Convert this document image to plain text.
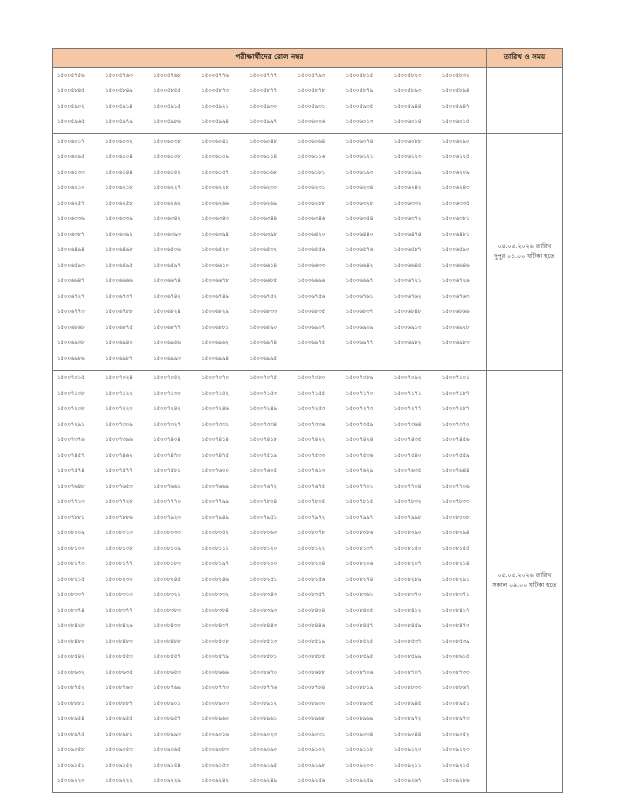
পরীক্ষার্থীদের রোল নম্বর	তারিখ ও সময়

১৫০০৫৭৫৬	১৫০০৫৭৬৩	১৫০০৫৭৬৮	১৫০০৫৭৭৬	১৫০০৫৭৭৭	১৫০০৫৭৯৩	১৫০০৫৮১৫	১৫০০৫৮২৩	১৫০০৫৮৩২
১৫০০৫৮৪৫	১৫০০৫৮৪৯	১৫০০৫৮৫৫	১৫০০৫৮৭৩	১৫০০৫৮৭৭	১৫০০৫৮৭৮	১৫০০৫৮৭৯	১৫০০৫৮৯৩	১৫০০৫৮৯৪
১৫০০৫৯০২	১৫০০৫৯১৪	১৫০০৫৯১৫	১৫০০৫৯২১	১৫০০৫৯৩০	১৫০০৫৯৩১	১৫০০৫৯৩৫	১৫০০৫৯৪৪	১৫০০৫৯৪৭
১৫০০৫৯৬৫	১৫০০৫৯৭৯	১৫০০৫৯৮৬	১৫০০৫৯৯৪	১৫০০৫৯৯৭	১৫০০৬০০৬	১৫০০৬০১৩	১৫০০৬০১৪	১৫০০৬০১৫

১৫০০৬০১৭	১৫০০৬০৩২	১৫০০৬০৩৮	১৫০০৬০৪১	১৫০০৬০৪৮	১৫০০৬০৬৪	১৫০০৬০৭৪	১৫০০৬০৮৮	১৫০০৬০৯০
১৫০০৬০৯৫	১৫০০৬১০৪	১৫০০৬১০৮	১৫০০৬১০৯	১৫০০৬১১৪	১৫০০৬১১৬	১৫০০৬১২১	১৫০০৬১২৩	১৫০০৬১২৫
১৫০০৬১৩৩	১৫০০৬১৪৪	১৫০০৬১৫২	১৫০০৬১৫৭	১৫০০৬১৬৮	১৫০০৬১৮১	১৫০০৬১৯৩	১৫০০৬১৯৯	১৫০০৬২০৯
১৫০০৬২১০	১৫০০৬২১৮	১৫০০৬২২৭	১৫০০৬২২৮	১৫০০৬২৩০	১৫০০৬২৩১	১৫০০৬২৩৪	১৫০০৬২৪২	১৫০০৬২৪৩
১৫০০৬২৫৭	১৫০০৬২৫৮	১৫০০৬২৬২	১৫০০৬২৬৬	১৫০০৬২৬৯	১৫০০৬২৮৮	১৫০০৬৩২৮	১৫০০৬৩৩২	১৫০০৬৩৩৫
১৫০০৬৩৩৬	১৫০০৬৩৩৯	১৫০০৬৩৪২	১৫০০৬৩৪৩	১৫০০৬৩৪৪	১৫০০৬৩৪৬	১৫০০৬৩৫৪	১৫০০৬৩৭২	১৫০০৬৩৮১
১৫০০৬৩৮৭	১৫০০৬৩৯২	১৫০০৬৩৯৩	১৫০০৬৩৯৪	১৫০০৬৩৯৮	১৫০০৬৪২০	১৫০০৬৪৪০	১৫০০৬৪৭৪	১৫০০৬৪৮১
১৫০০৬৪৯৪	১৫০০৬৪৯৮	১৫০০৬৫০৬	১৫০০৬৫২০	১৫০০৬৫৩২	১৫০০৬৫৫৬	১৫০০৬৫৭৬	১৫০০৬৫৮৭	১৫০০৬৫৯০
১৫০০৬৫৯৩	১৫০০৬৫৯৫	১৫০০৬৫৯৭	১৫০০৬৬১০	১৫০০৬৬১৪	১৫০০৬৬৩৩	১৫০০৬৬৪২	১৫০০৬৬৪৫	১৫০০৬৬৪৬
১৫০০৬৬৪৭	১৫০০৬৬৬৬	১৫০০৬৬৭৪	১৫০০৬৬৭৮	১৫০০৬৬৮৫	১৫০০৬৬৯৬	১৫০০৬৬৯৭	১৫০০৬৭২১	১৫০০৬৭২৬
১৫০০৬৭২৭	১৫০০৬৭৩৭	১৫০০৬৭৪২	১৫০০৬৭৪৯	১৫০০৬৭৫২	১৫০০৬৭৫৬	১৫০০৬৭৬১	১৫০০৬৭৬২	১৫০০৬৭৬৩
১৫০০৬৭৭৩	১৫০০৬৭৮৮	১৫০০৬৮২৪	১৫০০৬৮২৯	১৫০০৬৮৩৩	১৫০০৬৮৩৫	১৫০০৬৮৩৭	১৫০০৬৮৪৮	১৫০০৬৮৬৬
১৫০০৬৮৬৮	১৫০০৬৮৭৫	১৫০০৬৮৭৭	১৫০০৬৮৮১	১৫০০৬৮৯০	১৫০০৬৯০৭	১৫০০৬৯০৯	১৫০০৬৯১৩	১৫০০৬৯২৮
১৫০০৬৯৩৮	১৫০০৬৯৪০	১৫০০৬৯৫৬	১৫০০৬৯৬২	১৫০০৬৯৭৪	১৫০০৬৯৭৫	১৫০০৬৯৭৭	১৫০০৬৯৮২	১৫০০৬৯৮৩
১৫০০৬৯৮৬	১৫০০৬৯৮৭	১৫০০৬৯৯৩	১৫০০৬৯৯৪	১৫০০৬৯৯৫				

০৪.০৫.২০২৬ তারিখ
দুপুর ০১.০০ ঘটিকা হতে

১৫০০৭০১৫	১৫০০৭০২৪	১৫০০৭০৫২	১৫০০৭০৭০	১৫০০৭০৭৫	১৫০০৭০৮০	১৫০০৭০৮৯	১৫০০৭০৯২	১৫০০৭১০১
১৫০০৭১০৮	১৫০০৭১২২	১৫০০৭১৩০	১৫০০৭১৫২	১৫০০৭১৫৩	১৫০০৭১৫৫	১৫০০৭১৭০	১৫০০৭১৭১	১৫০০৭১৮৭
১৫০০৭২০৮	১৫০০৭২২০	১৫০০৭২৪২	১৫০০৭২৪৬	১৫০০৭২৪৯	১৫০০৭২৫৩	১৫০০৭২৭৩	১৫০০৭২৭৭	১৫০০৭২৮৭
১৫০০৭২৯১	১৫০০৭৩০৯	১৫০০৭৩২৭	১৫০০৭৩৩১	১৫০০৭৩৩৪	১৫০০৭৩৩৬	১৫০০৭৩৫৯	১৫০০৭৩৬৪	১৫০০৭৩৭০
১৫০০৭৩৭৬	১৫০০৭৩৯৬	১৫০০৭৪০৪	১৫০০৭৪১৪	১৫০০৭৪১৮	১৫০০৭৪২২	১৫০০৭৪২৪	১৫০০৭৪৩৫	১৫০০৭৪৫৬
১৫০০৭৪৫৭	১৫০০৭৪৬২	১৫০০৭৪৭৩	১৫০০৭৪৭৫	১৫০০৭৫১৯	১৫০০৭৫৩৩	১৫০০৭৫৩৬	১৫০০৭৫৪০	১৫০০৭৫৫৯
১৫০০৭৫৭৪	১৫০০৭৫৭৭	১৫০০৭৫৮১	১৫০০৭৬০০	১৫০০৭৬০৫	১৫০০৭৬১৩	১৫০০৭৬২৯	১৫০০৭৬৩৫	১৫০০৭৬৪৪
১৫০০৭৬৪৮	১৫০০৭৬৫৩	১৫০০৭৬৬১	১৫০০৭৬৬৯	১৫০০৭৬৭২	১৫০০৭৬৭৫	১৫০০৭৭০১	১৫০০৭৭০৪	১৫০০৭৭০৬
১৫০০৭৭১৩	১৫০০৭৭২৮	১৫০০৭৭৭০	১৫০০৭৭৯৯	১৫০০৭৮০৪	১৫০০৭৮০৫	১৫০০৭৮১৫	১৫০০৭৮৩২	১৫০০৭৮৩৩
১৫০০৭৮৮১	১৫০০৭৮৮৬	১৫০০৭৯২৩	১৫০০৭৯৪৯	১৫০০৭৯৫১	১৫০০৭৯৭২	১৫০০৭৯৯৭	১৫০০৭৯৯৮	১৫০০৮০০৮
১৫০০৮০০৯	১৫০০৮০১৩	১৫০০৮০৩৩	১৫০০৮০৫২	১৫০০৮০৬৩	১৫০০৮০৭৮	১৫০০৮০৮৬	১৫০০৮০৯০	১৫০০৮০৯৪
১৫০০৮১০০	১৫০০৮১০৮	১৫০০৮১০৯	১৫০০৮১১১	১৫০০৮১২০	১৫০০৮১২২	১৫০০৮১৩৭	১৫০০৮১৫০	১৫০০৮১৫৫
১৫০০৮১৭৩	১৫০০৮১৭৭	১৫০০৮১৮৩	১৫০০৮১৯৭	১৫০০৮২০০	১৫০০৮২০৪	১৫০০৮২০৬	১৫০০৮২০৭	১৫০০৮২১৪
১৫০০৮২১৫	১৫০০৮২৩০	১৫০০৮২৪৫	১৫০০৮২৪৬	১৫০০৮২৫১	১৫০০৮২৫৬	১৫০০৮২৭৪	১৫০০৮২৮৯	১৫০০৮২৯১
১৫০০৮৩০৭	১৫০০৮৩১৩	১৫০০৮৩২১	১৫০০৮৩৩২	১৫০০৮৩৪৩	১৫০০৮৩৫৭	১৫০০৮৩৬১	১৫০০৮৩৭০	১৫০০৮৩৭১
১৫০০৮৩৭৪	১৫০০৮৩৭৭	১৫০০৮৩৮৩	১৫০০৮৩৮৪	১৫০০৮৩৯৩	১৫০০৮৪০৪	১৫০০৮৪০৫	১৫০০৮৪১২	১৫০০৮৪১৭
১৫০০৮৪২৮	১৫০০৮৪২৯	১৫০০৮৪৩০	১৫০০৮৪৩৭	১৫০০৮৪৪৩	১৫০০৮৪৪৬	১৫০০৮৪৫৭	১৫০০৮৪৫৯	১৫০০৮৪৭০
১৫০০৮৪৮০	১৫০০৮৪৮৩	১৫০০৮৪৮৮	১৫০০৮৫০৮	১৫০০৮৫১৩	১৫০০৮৫১৯	১৫০০৮৫২৫	১৫০০৮৫৩৭	১৫০০৮৫৩৯
১৫০০৮৫৪২	১৫০০৮৫৫৩	১৫০০৮৫৫৭	১৫০০৮৫৭৯	১৫০০৮৫৮১	১৫০০৮৫৮৫	১৫০০৮৫৯৫	১৫০০৮৫৯৯	১৫০০৮৬১৫
১৫০০৮৬৩২	১৫০০৮৬৩৫	১৫০০৮৬৫৩	১৫০০৮৬৬৬	১৫০০৮৬৭০	১৫০০৮৬৮৮	১৫০০৮৭০৬	১৫০০৮৭০৭	১৫০০৮৭৩৩
১৫০০৮৭৫২	১৫০০৮৭৬৩	১৫০০৮৭৬৯	১৫০০৮৭৭৩	১৫০০৮৭৭৬	১৫০০৮৭৮৪	১৫০০৮৮১৯	১৫০০৮৮৩৩	১৫০০৮৮৬৭
১৫০০৮৮৮১	১৫০০৮৮৮৭	১৫০০৮৯০১	১৫০০৮৯০৩	১৫০০৮৯১২	১৫০০৮৯৩০	১৫০০৮৯৩৫	১৫০০৮৯৪৫	১৫০০৮৯৫১
১৫০০৮৯৫৪	১৫০০৮৯৫৫	১৫০০৮৯৫৭	১৫০০৮৯৬০	১৫০০৮৯৬১	১৫০০৮৯৬৮	১৫০০৮৯৬৯	১৫০০৮৯৭২	১৫০০৮৯৭৩
১৫০০৮৯৭৫	১৫০০৮৯৮১	১৫০০৮৯৯৩	১৫০০৯০১৬	১৫০০৯০২৩	১৫০০৯০৩১	১৫০০৯০৩৪	১৫০০৯০৪৪	১৫০০৯০৫২
১৫০০৯০৫৮	১৫০০৯০৫৩	১৫০০৯০৬৫	১৫০০৯০৮৩	১৫০০৯০৯০	১৫০০৯১০২	১৫০০৯১১৮	১৫০০৯১২০	১৫০০৯১২৩
১৫০০৯১৫১	১৫০০৯১৫২	১৫০০৯১৫৪	১৫০০৯১৫৩	১৫০০৯১৯৫	১৫০০৯১৯৮	১৫০০৯২০৩	১৫০০৯২১১	১৫০০৯২১৫
১৫০০৯২২০	১৫০০৯২২২	১৫০০৯২২৯	১৫০০৯২৪২	১৫০০৯২৪৯	১৫০০৯২৫৬	১৫০০৯২৫৯	১৫০০৯২৬৭	১৫০০৯২৮৬

০৫.০৫.২০২৬ তারিখ
সকাল ০৯.০০ ঘটিকা হতে
